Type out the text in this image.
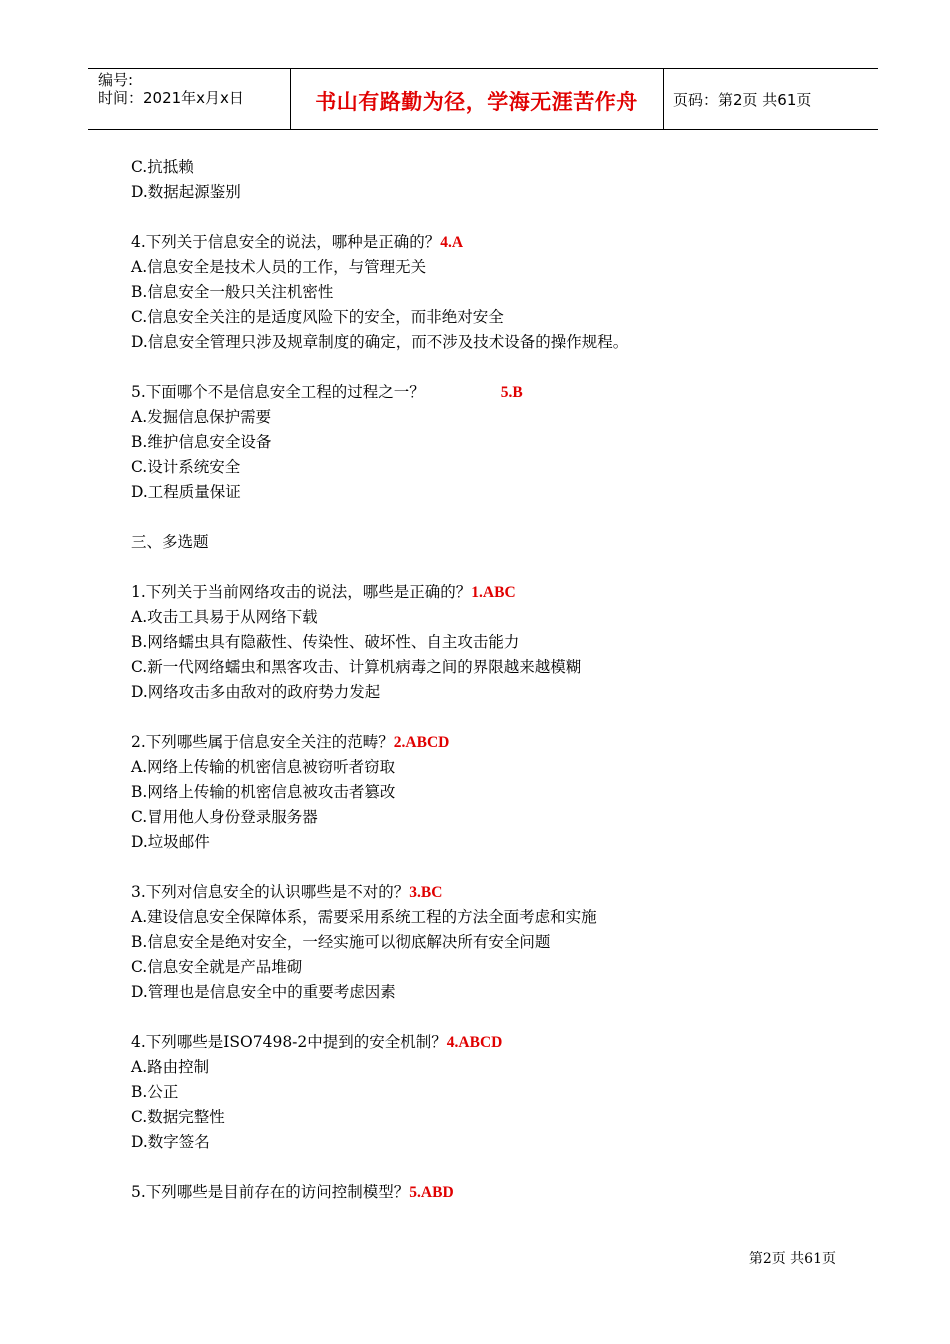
编号:
时间：2021年x月x日	书山有路勤为径，学海无涯苦作舟	页码：第2页 共61页
C.抗抵赖
D.数据起源鉴别
4.下列关于信息安全的说法，哪种是正确的？4.A
A.信息安全是技术人员的工作，与管理无关
B.信息安全一般只关注机密性
C.信息安全关注的是适度风险下的安全，而非绝对安全
D.信息安全管理只涉及规章制度的确定，而不涉及技术设备的操作规程。
5.下面哪个不是信息安全工程的过程之一？	5.B
A.发掘信息保护需要
B.维护信息安全设备
C.设计系统安全
D.工程质量保证
三、多选题
1.下列关于当前网络攻击的说法，哪些是正确的？1.ABC
A.攻击工具易于从网络下载
B.网络蠕虫具有隐蔽性、传染性、破坏性、自主攻击能力
C.新一代网络蠕虫和黑客攻击、计算机病毒之间的界限越来越模糊
D.网络攻击多由敌对的政府势力发起
2.下列哪些属于信息安全关注的范畴？2.ABCD
A.网络上传输的机密信息被窃听者窃取
B.网络上传输的机密信息被攻击者篡改
C.冒用他人身份登录服务器
D.垃圾邮件
3.下列对信息安全的认识哪些是不对的？3.BC
A.建设信息安全保障体系，需要采用系统工程的方法全面考虑和实施
B.信息安全是绝对安全，一经实施可以彻底解决所有安全问题
C.信息安全就是产品堆砌
D.管理也是信息安全中的重要考虑因素
4.下列哪些是ISO7498-2中提到的安全机制？4.ABCD
A.路由控制
B.公正
C.数据完整性
D.数字签名
5.下列哪些是目前存在的访问控制模型？5.ABD
第2页 共61页
